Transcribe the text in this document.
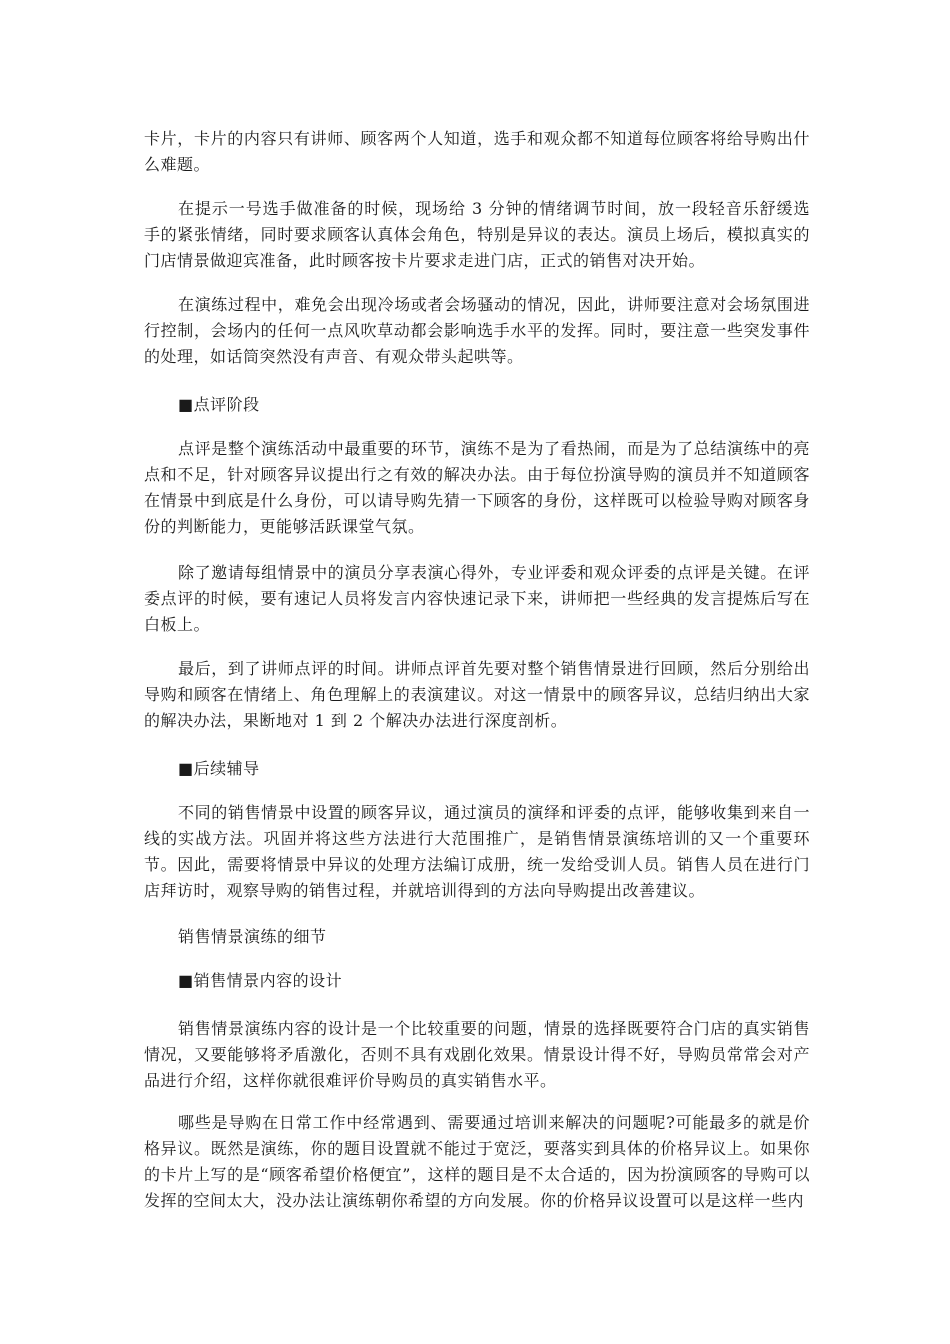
卡片，卡片的内容只有讲师、顾客两个人知道，选手和观众都不知道每位顾客将给导购出什么难题。

在提示一号选手做准备的时候，现场给 3 分钟的情绪调节时间，放一段轻音乐舒缓选手的紧张情绪，同时要求顾客认真体会角色，特别是异议的表达。演员上场后，模拟真实的门店情景做迎宾准备，此时顾客按卡片要求走进门店，正式的销售对决开始。

在演练过程中，难免会出现冷场或者会场骚动的情况，因此，讲师要注意对会场氛围进行控制，会场内的任何一点风吹草动都会影响选手水平的发挥。同时，要注意一些突发事件的处理，如话筒突然没有声音、有观众带头起哄等。

■点评阶段

点评是整个演练活动中最重要的环节，演练不是为了看热闹，而是为了总结演练中的亮点和不足，针对顾客异议提出行之有效的解决办法。由于每位扮演导购的演员并不知道顾客在情景中到底是什么身份，可以请导购先猜一下顾客的身份，这样既可以检验导购对顾客身份的判断能力，更能够活跃课堂气氛。

除了邀请每组情景中的演员分享表演心得外，专业评委和观众评委的点评是关键。在评委点评的时候，要有速记人员将发言内容快速记录下来，讲师把一些经典的发言提炼后写在白板上。

最后，到了讲师点评的时间。讲师点评首先要对整个销售情景进行回顾，然后分别给出导购和顾客在情绪上、角色理解上的表演建议。对这一情景中的顾客异议，总结归纳出大家的解决办法，果断地对 1 到 2 个解决办法进行深度剖析。

■后续辅导

不同的销售情景中设置的顾客异议，通过演员的演绎和评委的点评，能够收集到来自一线的实战方法。巩固并将这些方法进行大范围推广，是销售情景演练培训的又一个重要环节。因此，需要将情景中异议的处理方法编订成册，统一发给受训人员。销售人员在进行门店拜访时，观察导购的销售过程，并就培训得到的方法向导购提出改善建议。

销售情景演练的细节

■销售情景内容的设计

销售情景演练内容的设计是一个比较重要的问题，情景的选择既要符合门店的真实销售情况，又要能够将矛盾激化，否则不具有戏剧化效果。情景设计得不好，导购员常常会对产品进行介绍，这样你就很难评价导购员的真实销售水平。

哪些是导购在日常工作中经常遇到、需要通过培训来解决的问题呢?可能最多的就是价格异议。既然是演练，你的题目设置就不能过于宽泛，要落实到具体的价格异议上。如果你的卡片上写的是“顾客希望价格便宜”，这样的题目是不太合适的，因为扮演顾客的导购可以发挥的空间太大，没办法让演练朝你希望的方向发展。你的价格异议设置可以是这样一些内
